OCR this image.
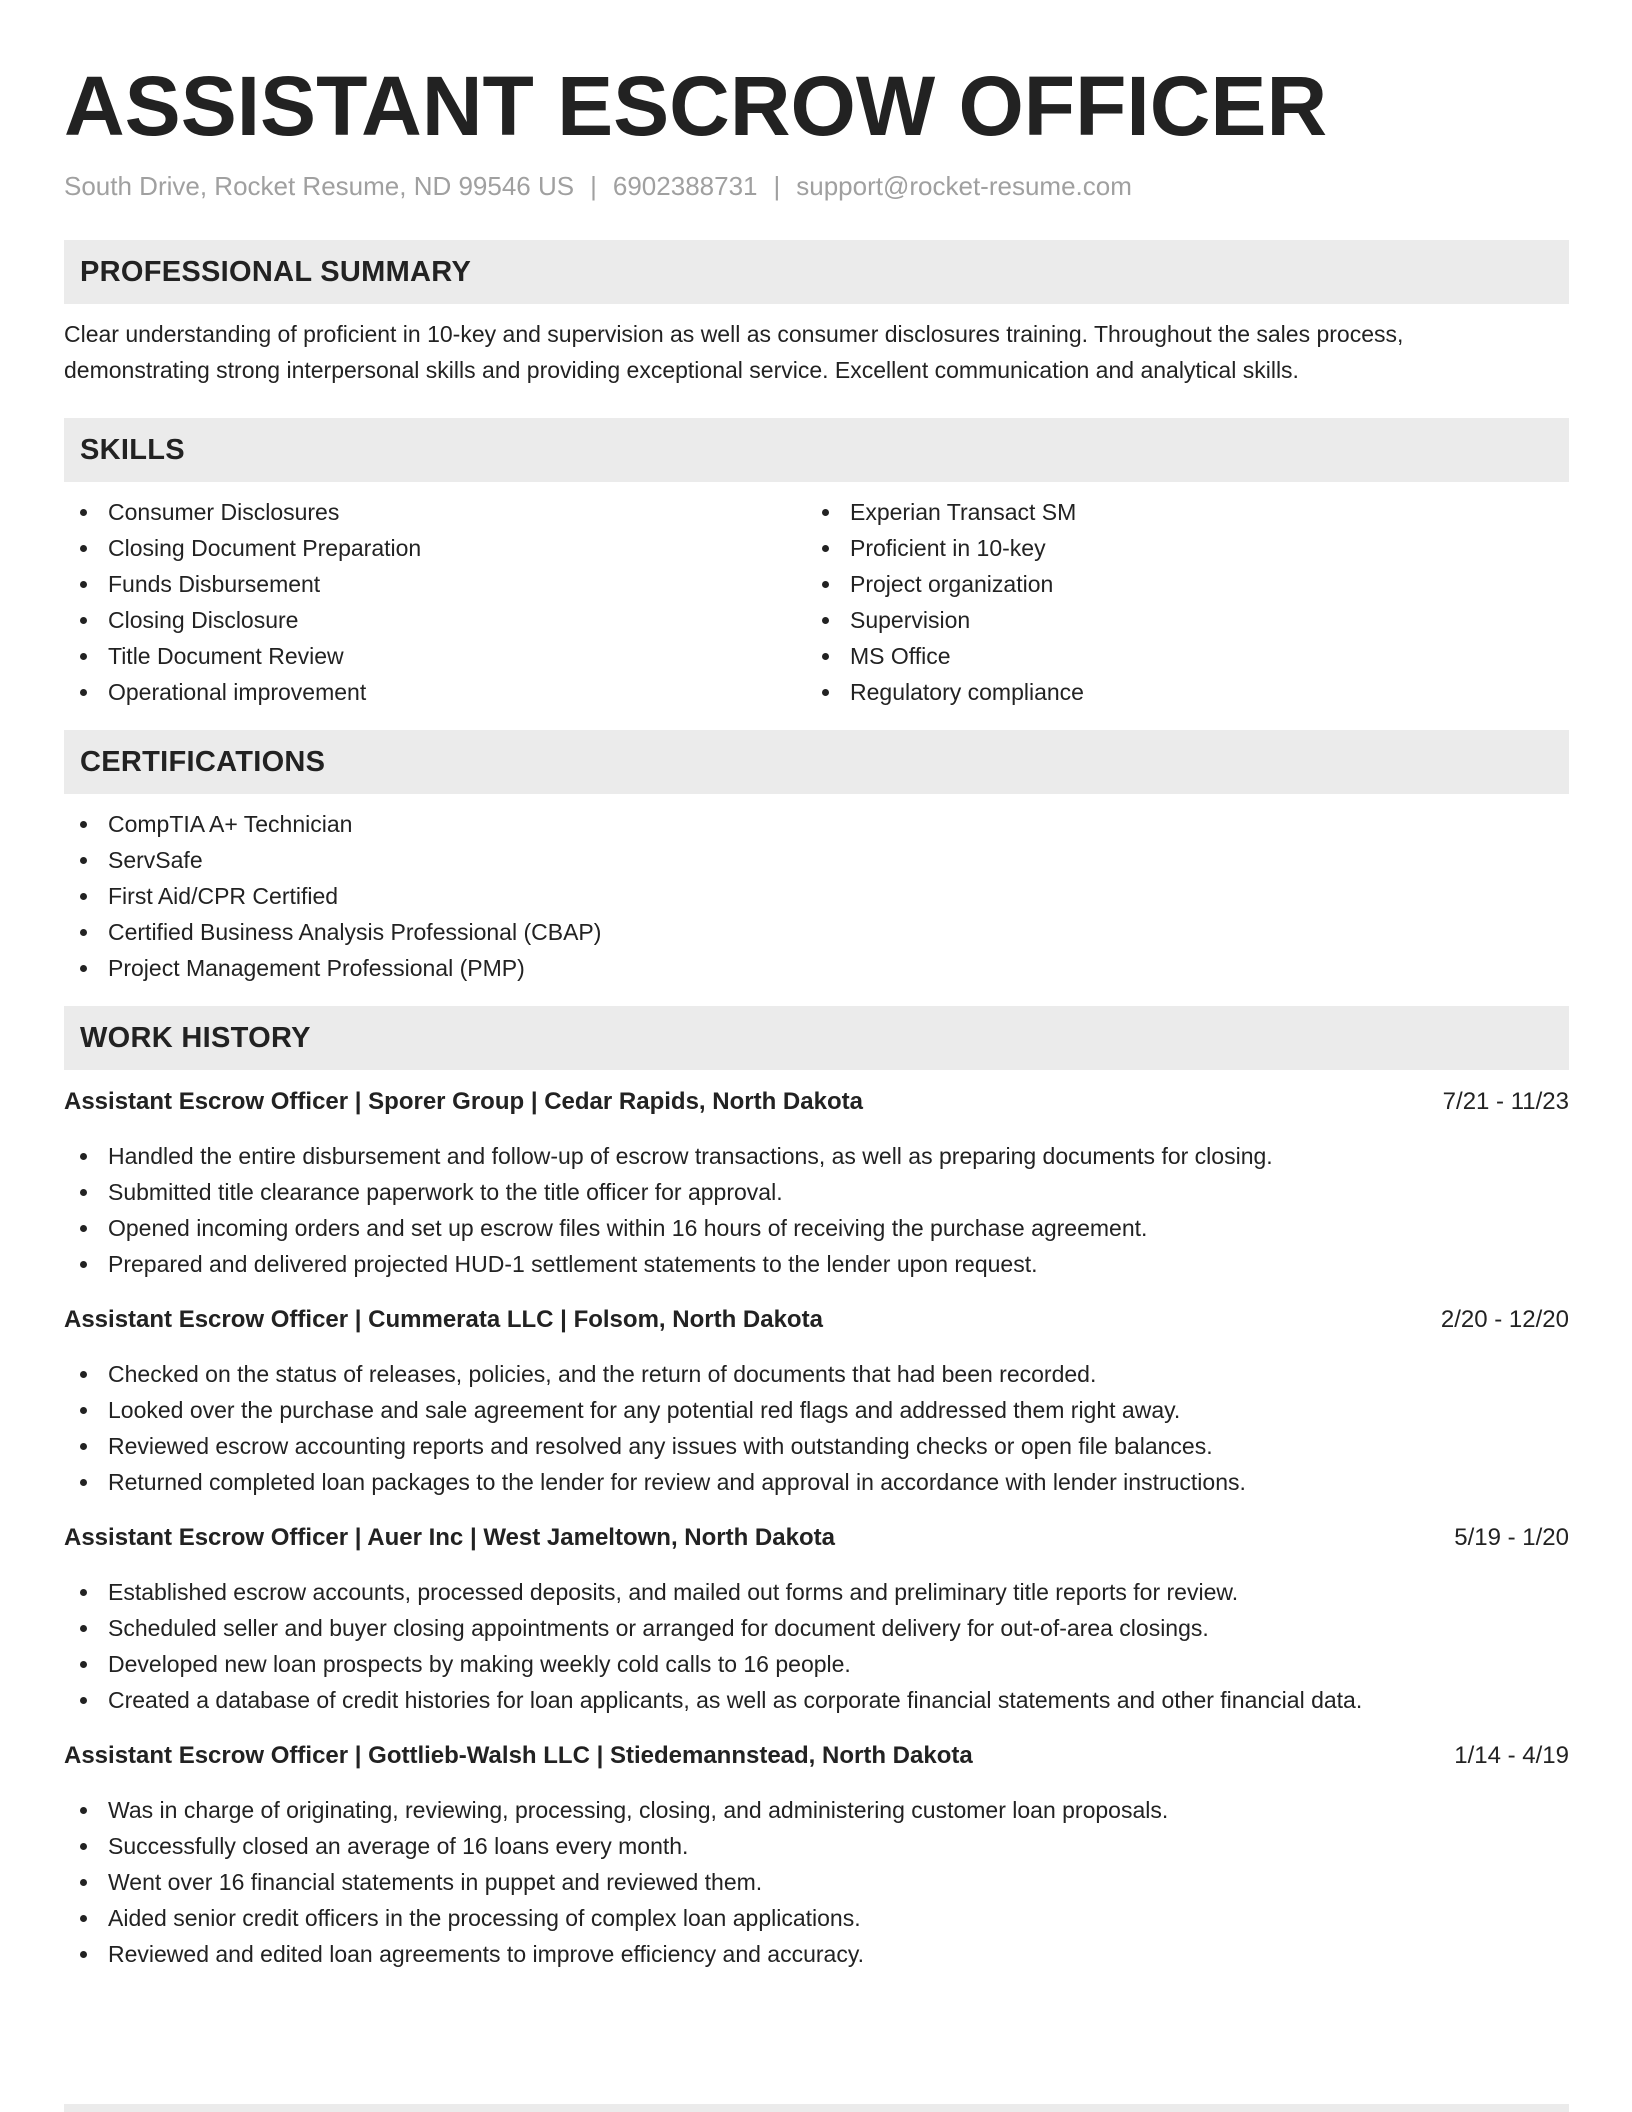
ASSISTANT ESCROW OFFICER
South Drive, Rocket Resume, ND 99546 US | 6902388731 | support@rocket-resume.com
PROFESSIONAL SUMMARY
Clear understanding of proficient in 10-key and supervision as well as consumer disclosures training. Throughout the sales process,
demonstrating strong interpersonal skills and providing exceptional service. Excellent communication and analytical skills.
SKILLS
Consumer Disclosures
Closing Document Preparation
Funds Disbursement
Closing Disclosure
Title Document Review
Operational improvement
Experian Transact SM
Proficient in 10-key
Project organization
Supervision
MS Office
Regulatory compliance
CERTIFICATIONS
CompTIA A+ Technician
ServSafe
First Aid/CPR Certified
Certified Business Analysis Professional (CBAP)
Project Management Professional (PMP)
WORK HISTORY
Assistant Escrow Officer | Sporer Group | Cedar Rapids, North Dakota	7/21 - 11/23
Handled the entire disbursement and follow-up of escrow transactions, as well as preparing documents for closing.
Submitted title clearance paperwork to the title officer for approval.
Opened incoming orders and set up escrow files within 16 hours of receiving the purchase agreement.
Prepared and delivered projected HUD-1 settlement statements to the lender upon request.
Assistant Escrow Officer | Cummerata LLC | Folsom, North Dakota	2/20 - 12/20
Checked on the status of releases, policies, and the return of documents that had been recorded.
Looked over the purchase and sale agreement for any potential red flags and addressed them right away.
Reviewed escrow accounting reports and resolved any issues with outstanding checks or open file balances.
Returned completed loan packages to the lender for review and approval in accordance with lender instructions.
Assistant Escrow Officer | Auer Inc | West Jameltown, North Dakota	5/19 - 1/20
Established escrow accounts, processed deposits, and mailed out forms and preliminary title reports for review.
Scheduled seller and buyer closing appointments or arranged for document delivery for out-of-area closings.
Developed new loan prospects by making weekly cold calls to 16 people.
Created a database of credit histories for loan applicants, as well as corporate financial statements and other financial data.
Assistant Escrow Officer | Gottlieb-Walsh LLC | Stiedemannstead, North Dakota	1/14 - 4/19
Was in charge of originating, reviewing, processing, closing, and administering customer loan proposals.
Successfully closed an average of 16 loans every month.
Went over 16 financial statements in puppet and reviewed them.
Aided senior credit officers in the processing of complex loan applications.
Reviewed and edited loan agreements to improve efficiency and accuracy.
